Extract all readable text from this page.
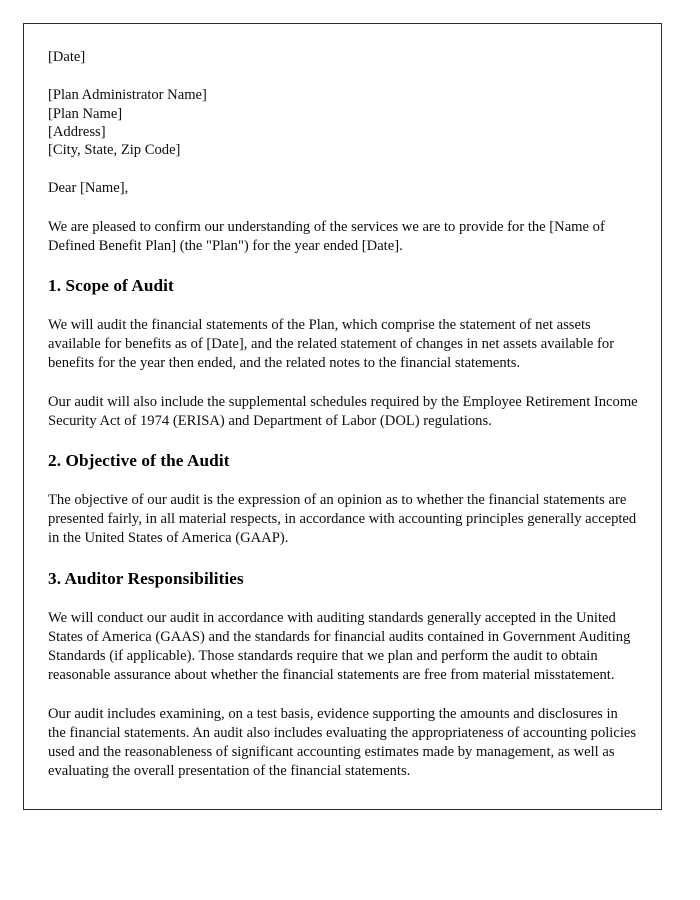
[Date]
[Plan Administrator Name]
[Plan Name]
[Address]
[City, State, Zip Code]
Dear [Name],

We are pleased to confirm our understanding of the services we are to provide for the [Name of Defined Benefit Plan] (the "Plan") for the year ended [Date].

1. Scope of Audit

We will audit the financial statements of the Plan, which comprise the statement of net assets available for benefits as of [Date], and the related statement of changes in net assets available for benefits for the year then ended, and the related notes to the financial statements.

Our audit will also include the supplemental schedules required by the Employee Retirement Income Security Act of 1974 (ERISA) and Department of Labor (DOL) regulations.

2. Objective of the Audit

The objective of our audit is the expression of an opinion as to whether the financial statements are presented fairly, in all material respects, in accordance with accounting principles generally accepted in the United States of America (GAAP).

3. Auditor Responsibilities

We will conduct our audit in accordance with auditing standards generally accepted in the United States of America (GAAS) and the standards for financial audits contained in Government Auditing Standards (if applicable). Those standards require that we plan and perform the audit to obtain reasonable assurance about whether the financial statements are free from material misstatement.

Our audit includes examining, on a test basis, evidence supporting the amounts and disclosures in the financial statements. An audit also includes evaluating the appropriateness of accounting policies used and the reasonableness of significant accounting estimates made by management, as well as evaluating the overall presentation of the financial statements.
